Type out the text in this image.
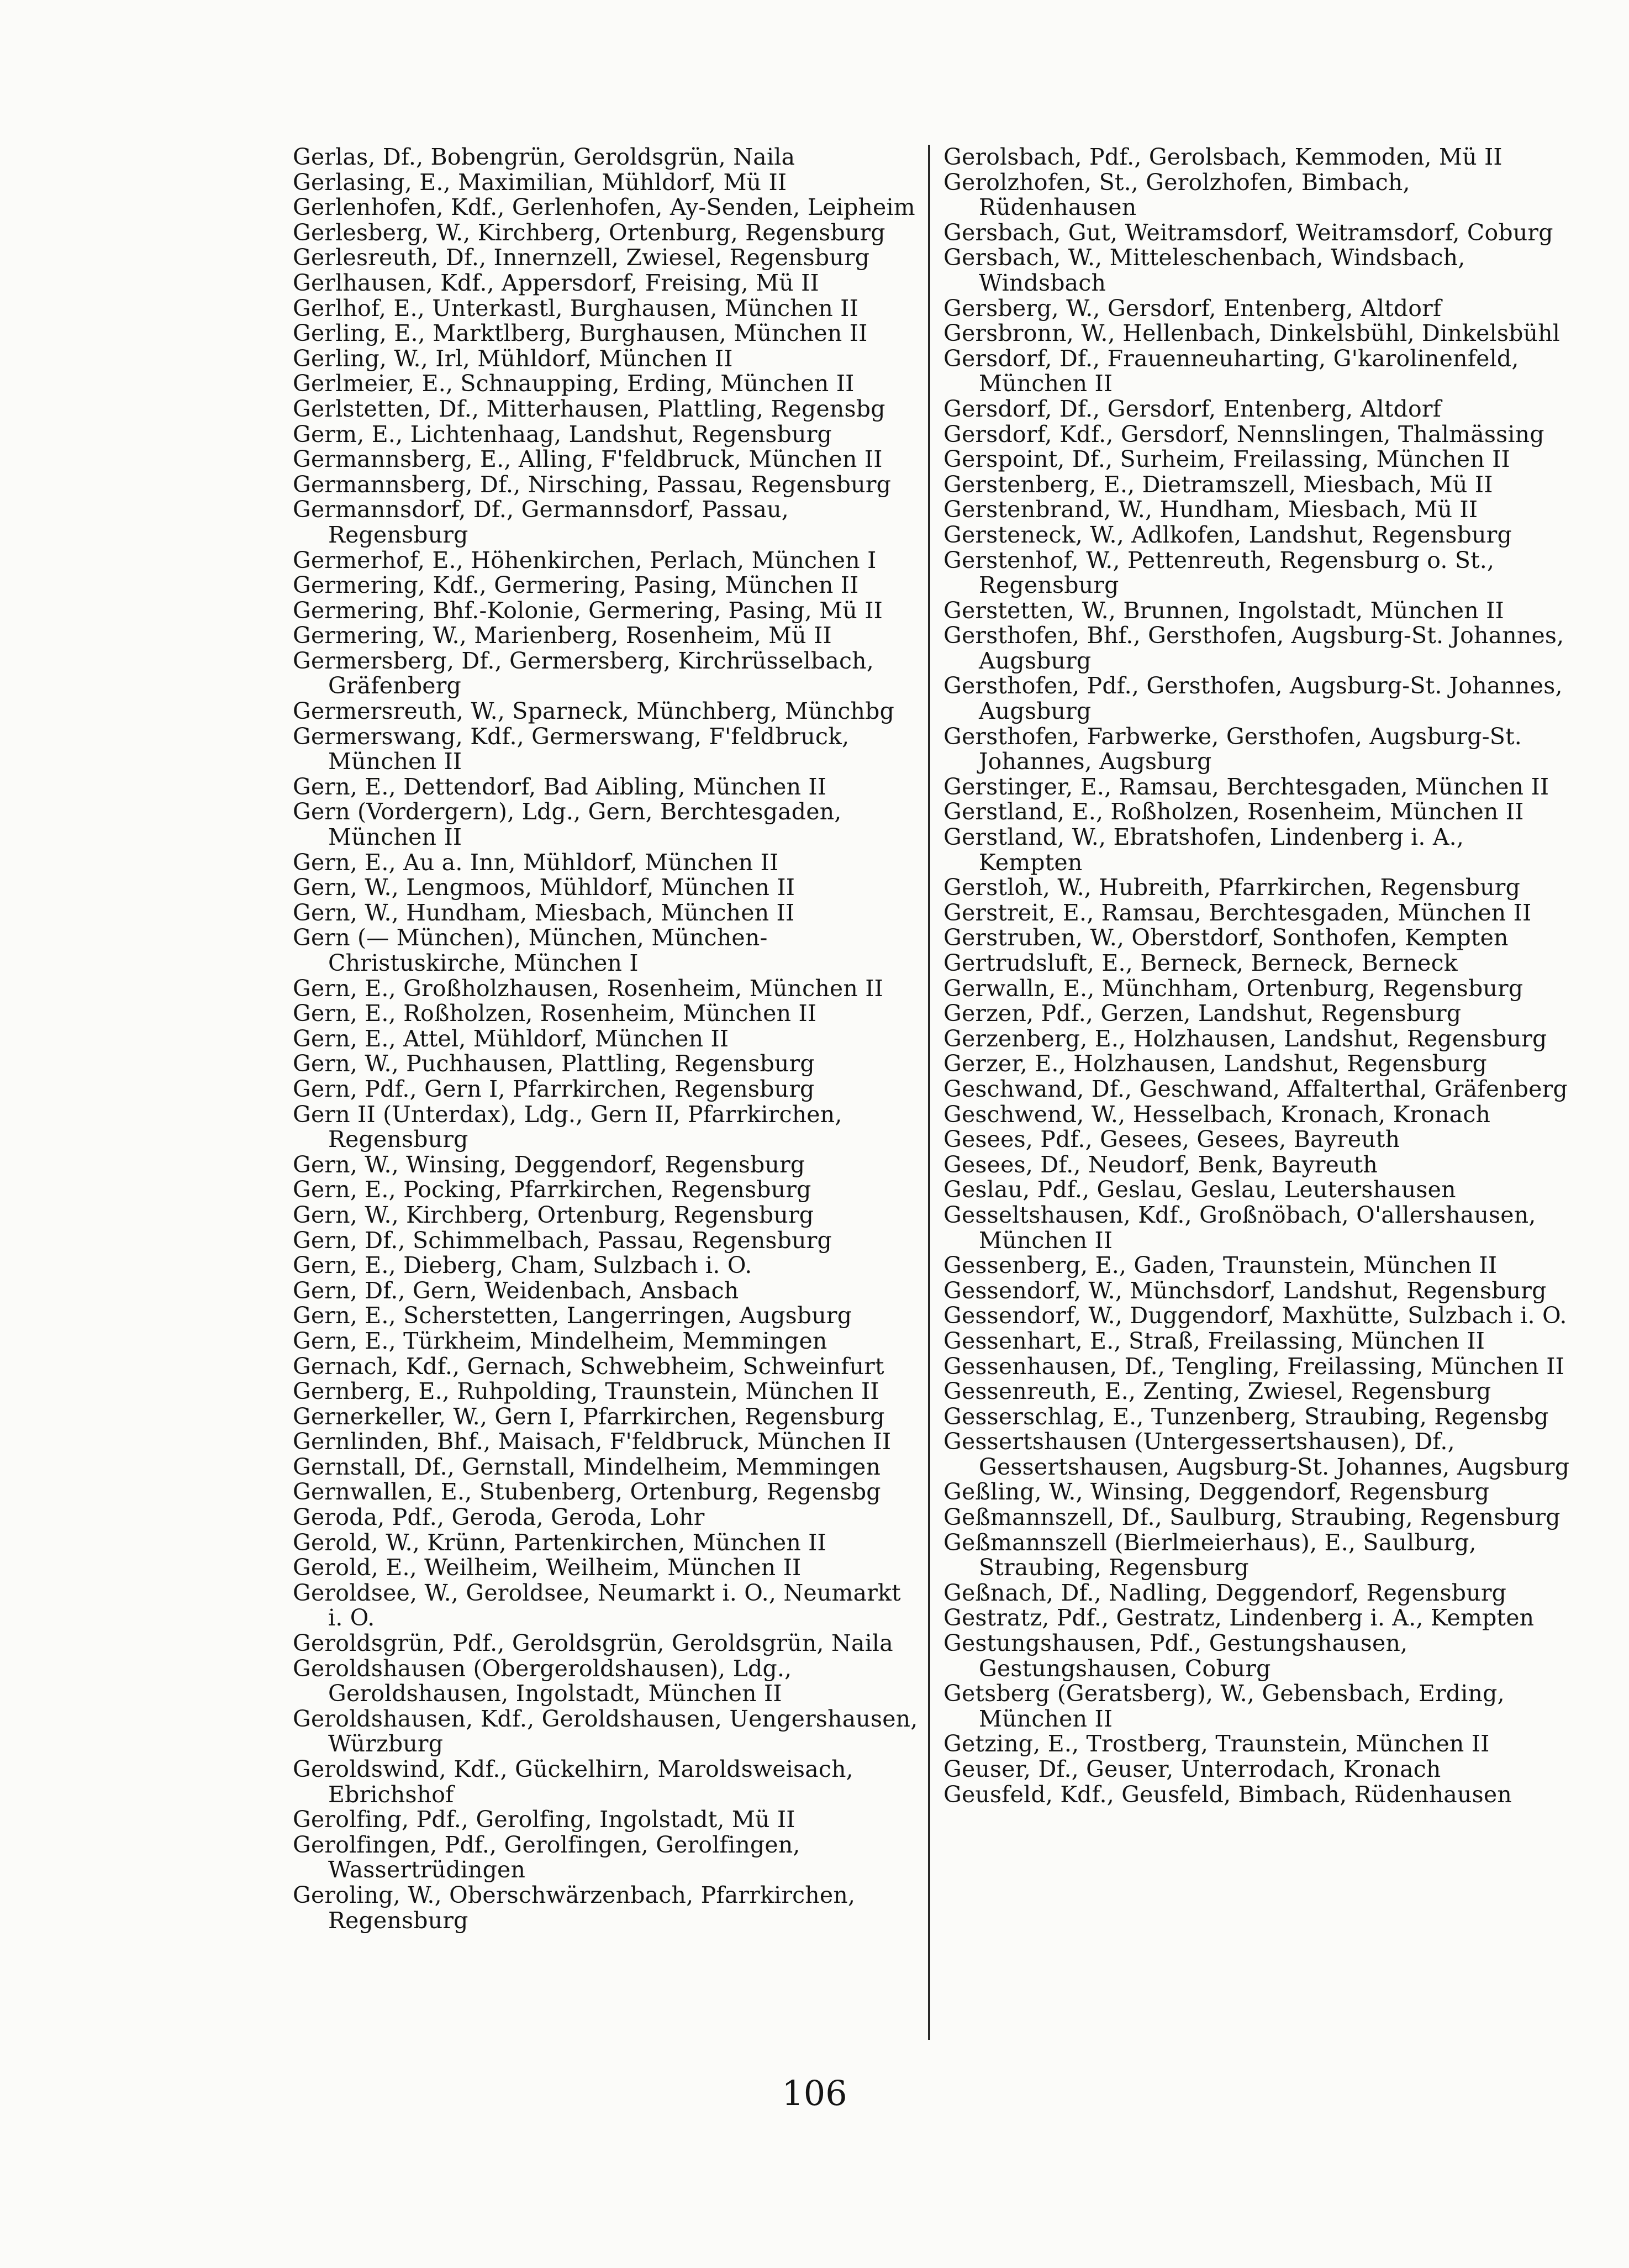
Gerlas, Df., Bobengrün, Geroldsgrün, Naila

Gerlasing, E., Maximilian, Mühldorf, Mü II

Gerlenhofen, Kdf., Gerlenhofen, Ay-Senden, Leipheim

Gerlesberg, W., Kirchberg, Ortenburg, Regensburg

Gerlesreuth, Df., Innernzell, Zwiesel, Regensburg

Gerlhausen, Kdf., Appersdorf, Freising, Mü II

Gerlhof, E., Unterkastl, Burghausen, München II

Gerling, E., Marktlberg, Burghausen, München II

Gerling, W., Irl, Mühldorf, München II

Gerlmeier, E., Schnaupping, Erding, München II

Gerlstetten, Df., Mitterhausen, Plattling, Regensbg

Germ, E., Lichtenhaag, Landshut, Regensburg

Germannsberg, E., Alling, F'feldbruck, München II

Germannsberg, Df., Nirsching, Passau, Regensburg

Germannsdorf, Df., Germannsdorf, Passau, Regensburg

Germerhof, E., Höhenkirchen, Perlach, München I

Germering, Kdf., Germering, Pasing, München II

Germering, Bhf.-Kolonie, Germering, Pasing, Mü II

Germering, W., Marienberg, Rosenheim, Mü II

Germersberg, Df., Germersberg, Kirchrüsselbach, Gräfenberg

Germersreuth, W., Sparneck, Münchberg, Münchbg

Germerswang, Kdf., Germerswang, F'feldbruck, München II

Gern, E., Dettendorf, Bad Aibling, München II

Gern (Vordergern), Ldg., Gern, Berchtesgaden, München II

Gern, E., Au a. Inn, Mühldorf, München II

Gern, W., Lengmoos, Mühldorf, München II

Gern, W., Hundham, Miesbach, München II

Gern (— München), München, München-Christuskirche, München I

Gern, E., Großholzhausen, Rosenheim, München II

Gern, E., Roßholzen, Rosenheim, München II

Gern, E., Attel, Mühldorf, München II

Gern, W., Puchhausen, Plattling, Regensburg

Gern, Pdf., Gern I, Pfarrkirchen, Regensburg

Gern II (Unterdax), Ldg., Gern II, Pfarrkirchen, Regensburg

Gern, W., Winsing, Deggendorf, Regensburg

Gern, E., Pocking, Pfarrkirchen, Regensburg

Gern, W., Kirchberg, Ortenburg, Regensburg

Gern, Df., Schimmelbach, Passau, Regensburg

Gern, E., Dieberg, Cham, Sulzbach i. O.

Gern, Df., Gern, Weidenbach, Ansbach

Gern, E., Scherstetten, Langerringen, Augsburg

Gern, E., Türkheim, Mindelheim, Memmingen

Gernach, Kdf., Gernach, Schwebheim, Schweinfurt

Gernberg, E., Ruhpolding, Traunstein, München II

Gernerkeller, W., Gern I, Pfarrkirchen, Regensburg

Gernlinden, Bhf., Maisach, F'feldbruck, München II

Gernstall, Df., Gernstall, Mindelheim, Memmingen

Gernwallen, E., Stubenberg, Ortenburg, Regensbg

Geroda, Pdf., Geroda, Geroda, Lohr

Gerold, W., Krünn, Partenkirchen, München II

Gerold, E., Weilheim, Weilheim, München II

Geroldsee, W., Geroldsee, Neumarkt i. O., Neumarkt i. O.

Geroldsgrün, Pdf., Geroldsgrün, Geroldsgrün, Naila

Geroldshausen (Obergeroldshausen), Ldg., Geroldshausen, Ingolstadt, München II

Geroldshausen, Kdf., Geroldshausen, Uengershausen, Würzburg

Geroldswind, Kdf., Gückelhirn, Maroldsweisach, Ebrichshof

Gerolfing, Pdf., Gerolfing, Ingolstadt, Mü II

Gerolfingen, Pdf., Gerolfingen, Gerolfingen, Wassertrüdingen

Geroling, W., Oberschwärzenbach, Pfarrkirchen, Regensburg

Gerolsbach, Pdf., Gerolsbach, Kemmoden, Mü II

Gerolzhofen, St., Gerolzhofen, Bimbach, Rüdenhausen

Gersbach, Gut, Weitramsdorf, Weitramsdorf, Coburg

Gersbach, W., Mitteleschenbach, Windsbach, Windsbach

Gersberg, W., Gersdorf, Entenberg, Altdorf

Gersbronn, W., Hellenbach, Dinkelsbühl, Dinkelsbühl

Gersdorf, Df., Frauenneuharting, G'karolinenfeld, München II

Gersdorf, Df., Gersdorf, Entenberg, Altdorf

Gersdorf, Kdf., Gersdorf, Nennslingen, Thalmässing

Gerspoint, Df., Surheim, Freilassing, München II

Gerstenberg, E., Dietramszell, Miesbach, Mü II

Gerstenbrand, W., Hundham, Miesbach, Mü II

Gersteneck, W., Adlkofen, Landshut, Regensburg

Gerstenhof, W., Pettenreuth, Regensburg o. St., Regensburg

Gerstetten, W., Brunnen, Ingolstadt, München II

Gersthofen, Bhf., Gersthofen, Augsburg-St. Johannes, Augsburg

Gersthofen, Pdf., Gersthofen, Augsburg-St. Johannes, Augsburg

Gersthofen, Farbwerke, Gersthofen, Augsburg-St. Johannes, Augsburg

Gerstinger, E., Ramsau, Berchtesgaden, München II

Gerstland, E., Roßholzen, Rosenheim, München II

Gerstland, W., Ebratshofen, Lindenberg i. A., Kempten

Gerstloh, W., Hubreith, Pfarrkirchen, Regensburg

Gerstreit, E., Ramsau, Berchtesgaden, München II

Gerstruben, W., Oberstdorf, Sonthofen, Kempten

Gertrudsluft, E., Berneck, Berneck, Berneck

Gerwalln, E., Münchham, Ortenburg, Regensburg

Gerzen, Pdf., Gerzen, Landshut, Regensburg

Gerzenberg, E., Holzhausen, Landshut, Regensburg

Gerzer, E., Holzhausen, Landshut, Regensburg

Geschwand, Df., Geschwand, Affalterthal, Gräfenberg

Geschwend, W., Hesselbach, Kronach, Kronach

Gesees, Pdf., Gesees, Gesees, Bayreuth

Gesees, Df., Neudorf, Benk, Bayreuth

Geslau, Pdf., Geslau, Geslau, Leutershausen

Gesseltshausen, Kdf., Großnöbach, O'allershausen, München II

Gessenberg, E., Gaden, Traunstein, München II

Gessendorf, W., Münchsdorf, Landshut, Regensburg

Gessendorf, W., Duggendorf, Maxhütte, Sulzbach i. O.

Gessenhart, E., Straß, Freilassing, München II

Gessenhausen, Df., Tengling, Freilassing, München II

Gessenreuth, E., Zenting, Zwiesel, Regensburg

Gesserschlag, E., Tunzenberg, Straubing, Regensbg

Gessertshausen (Untergessertshausen), Df., Gessertshausen, Augsburg-St. Johannes, Augsburg

Geßling, W., Winsing, Deggendorf, Regensburg

Geßmannszell, Df., Saulburg, Straubing, Regensburg

Geßmannszell (Bierlmeierhaus), E., Saulburg, Straubing, Regensburg

Geßnach, Df., Nadling, Deggendorf, Regensburg

Gestratz, Pdf., Gestratz, Lindenberg i. A., Kempten

Gestungshausen, Pdf., Gestungshausen, Gestungshausen, Coburg

Getsberg (Geratsberg), W., Gebensbach, Erding, München II

Getzing, E., Trostberg, Traunstein, München II

Geuser, Df., Geuser, Unterrodach, Kronach

Geusfeld, Kdf., Geusfeld, Bimbach, Rüdenhausen

106
